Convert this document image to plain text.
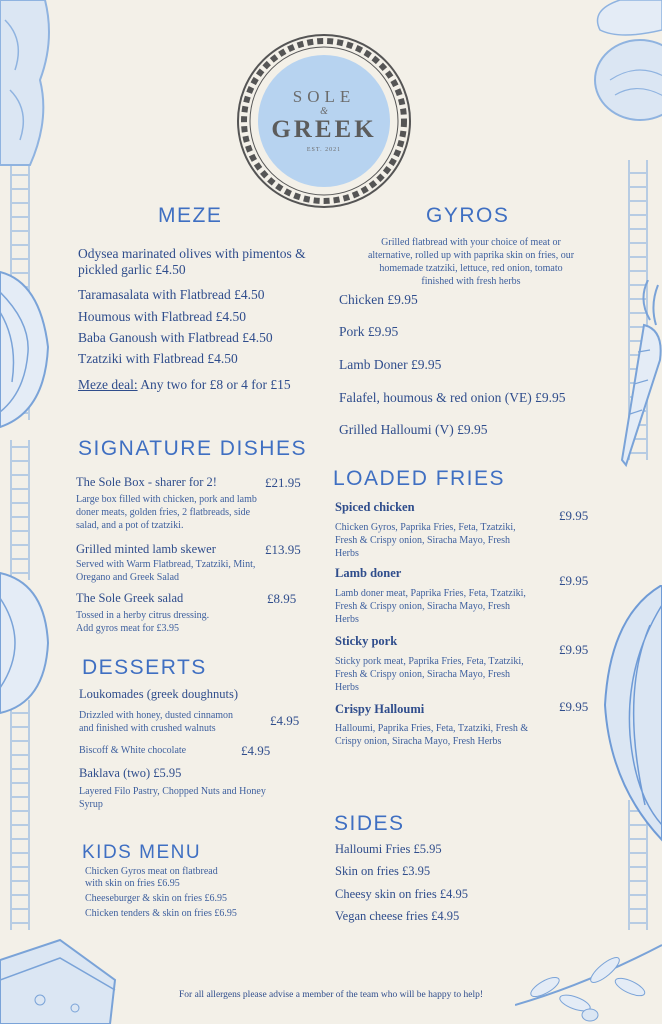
SOLE
&
GREEK
EST. 2021
MEZE
Odysea marinated olives with pimentos &
pickled garlic £4.50
Taramasalata with Flatbread £4.50
Houmous with Flatbread £4.50
Baba Ganoush with Flatbread £4.50
Tzatziki with Flatbread £4.50
Meze deal: Any two for £8 or 4 for £15
GYROS
Grilled flatbread with your choice of meat or
alternative, rolled up with paprika skin on fries, our
homemade tzatziki, lettuce, red onion, tomato
finished with fresh herbs
Chicken £9.95
Pork £9.95
Lamb Doner £9.95
Falafel, houmous & red onion (VE) £9.95
Grilled Halloumi (V) £9.95
SIGNATURE DISHES
The Sole Box - sharer for 2!	£21.95
Large box filled with chicken, pork and lamb
doner meats, golden fries, 2 flatbreads, side
salad, and a pot of tzatziki.
Grilled minted lamb skewer	£13.95
Served with Warm Flatbread, Tzatziki, Mint,
Oregano and Greek Salad
The Sole Greek salad	£8.95
Tossed in a herby citrus dressing.
Add gyros meat for £3.95
LOADED FRIES
Spiced chicken
£9.95
Chicken Gyros, Paprika Fries, Feta, Tzatziki,
Fresh & Crispy onion, Siracha Mayo, Fresh
Herbs
Lamb doner	£9.95
Lamb doner meat, Paprika Fries, Feta, Tzatziki,
Fresh & Crispy onion, Siracha Mayo, Fresh
Herbs
Sticky pork
£9.95
Sticky pork meat, Paprika Fries, Feta, Tzatziki,
Fresh & Crispy onion, Siracha Mayo, Fresh
Herbs
Crispy Halloumi	£9.95
Halloumi, Paprika Fries, Feta, Tzatziki, Fresh &
Crispy onion, Siracha Mayo, Fresh Herbs
DESSERTS
Loukomades (greek doughnuts)
Drizzled with honey, dusted cinnamon
and finished with crushed walnuts
£4.95
Biscoff & White chocolate	£4.95
Baklava (two) £5.95
Layered Filo Pastry, Chopped Nuts and Honey
Syrup
KIDS MENU
Chicken Gyros meat on flatbread
with skin on fries £6.95
Cheeseburger & skin on fries £6.95
Chicken tenders & skin on fries £6.95
SIDES
Halloumi Fries £5.95
Skin on fries £3.95
Cheesy skin on fries £4.95
Vegan cheese fries £4.95
For all allergens please advise a member of the team who will be happy to help!
